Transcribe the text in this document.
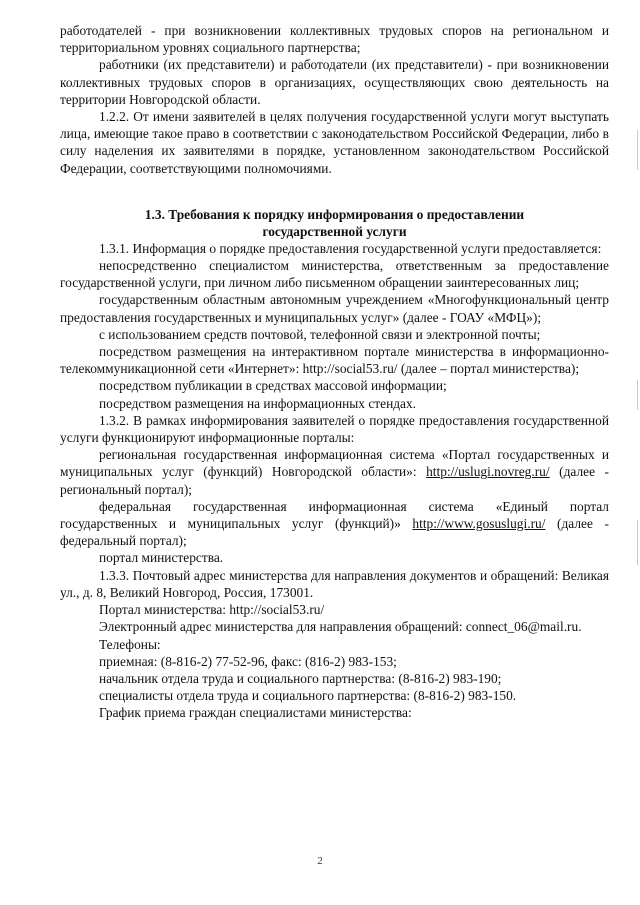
работодателей - при возникновении коллективных трудовых споров на региональном и территориальном уровнях социального партнерства;

работники (их представители) и работодатели (их представители) - при возникновении коллективных трудовых споров в организациях, осуществляющих свою деятельность на территории Новгородской области.

1.2.2. От имени заявителей в целях получения государственной услуги могут выступать лица, имеющие такое право в соответствии с законодательством Российской Федерации, либо в силу наделения их заявителями в порядке, установленном законодательством Российской Федерации, соответствующими полномочиями.

1.3. Требования к порядку информирования о предоставлении
государственной услуги

1.3.1. Информация о порядке предоставления государственной услуги предоставляется:

непосредственно специалистом министерства, ответственным за предоставление государственной услуги, при личном либо письменном обращении заинтересованных лиц;

государственным областным автономным учреждением «Многофункциональный центр предоставления государственных и муниципальных услуг» (далее - ГОАУ «МФЦ»);

с использованием средств почтовой, телефонной связи и электронной почты;

посредством размещения на интерактивном портале министерства в информационно-телекоммуникационной сети «Интернет»: http://social53.ru/ (далее – портал министерства);

посредством публикации в средствах массовой информации;

посредством размещения на информационных стендах.

1.3.2. В рамках информирования заявителей о порядке предоставления государственной услуги функционируют информационные порталы:

региональная государственная информационная система «Портал государственных и муниципальных услуг (функций) Новгородской области»: http://uslugi.novreg.ru/ (далее - региональный портал);

федеральная государственная информационная система «Единый портал государственных и муниципальных услуг (функций)» http://www.gosuslugi.ru/ (далее - федеральный портал);

портал министерства.

1.3.3. Почтовый адрес министерства для направления документов и обращений: Великая ул., д. 8, Великий Новгород, Россия, 173001.

Портал министерства: http://social53.ru/

Электронный адрес министерства для направления обращений: connect_06@mail.ru.

Телефоны:

приемная: (8-816-2) 77-52-96, факс: (816-2) 983-153;

начальник отдела труда и социального партнерства: (8-816-2) 983-190;

специалисты отдела труда и социального партнерства: (8-816-2) 983-150.

График приема граждан специалистами министерства:

2
